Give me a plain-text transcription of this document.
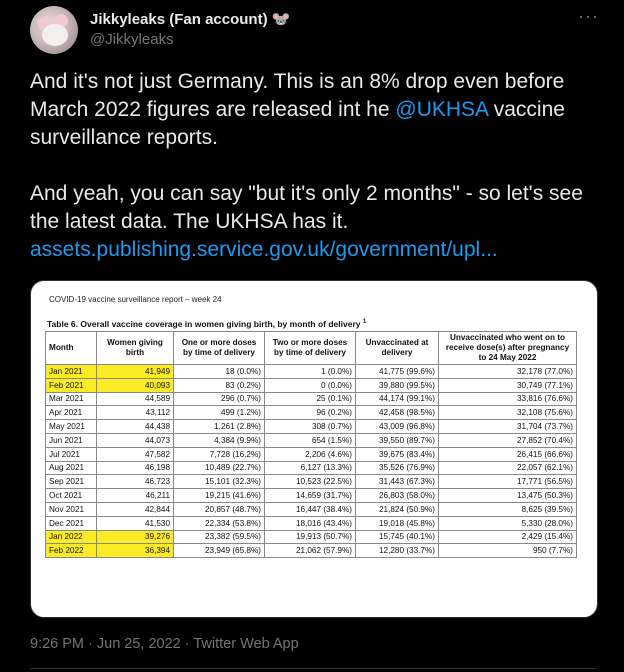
Jikkyleaks (Fan account) 🐭
@Jikkyleaks
···

And it's not just Germany. This is an 8% drop even before March 2022 figures are released int he @UKHSA vaccine surveillance reports.

And yeah, you can say "but it's only 2 months" - so let's see the latest data. The UKHSA has it.

assets.publishing.service.gov.uk/government/upl...

COVID-19 vaccine surveillance report – week 24
Table 6. Overall vaccine coverage in women giving birth, by month of delivery $^1$
Month	Women giving birth	One or more doses by time of delivery	Two or more doses by time of delivery	Unvaccinated at delivery	Unvaccinated who went on to receive dose(s) after pregnancy to 24 May 2022
Jan 2021	41,949	18 (0.0%)	1 (0.0%)	41,775 (99.6%)	32,178 (77.0%)
Feb 2021	40,093	83 (0.2%)	0 (0.0%)	39,880 (99.5%)	30,749 (77.1%)
Mar 2021	44,589	296 (0.7%)	25 (0.1%)	44,174 (99.1%)	33,816 (76.6%)
Apr 2021	43,112	499 (1.2%)	96 (0.2%)	42,458 (98.5%)	32,108 (75.6%)
May 2021	44,438	1,261 (2.8%)	308 (0.7%)	43,009 (96.8%)	31,704 (73.7%)
Jun 2021	44,073	4,384 (9.9%)	654 (1.5%)	39,550 (89.7%)	27,852 (70.4%)
Jul 2021	47,582	7,728 (16.2%)	2,206 (4.6%)	39,675 (83.4%)	26,415 (66.6%)
Aug 2021	46,198	10,489 (22.7%)	6,127 (13.3%)	35,526 (76.9%)	22,057 (62.1%)
Sep 2021	46,723	15,101 (32.3%)	10,523 (22.5%)	31,443 (67.3%)	17,771 (56.5%)
Oct 2021	46,211	19,215 (41.6%)	14,659 (31.7%)	26,803 (58.0%)	13,475 (50.3%)
Nov 2021	42,844	20,857 (48.7%)	16,447 (38.4%)	21,824 (50.9%)	8,625 (39.5%)
Dec 2021	41,530	22,334 (53.8%)	18,016 (43.4%)	19,018 (45.8%)	5,330 (28.0%)
Jan 2022	39,276	23,382 (59.5%)	19,913 (50.7%)	15,745 (40.1%)	2,429 (15.4%)
Feb 2022	36,394	23,949 (65.8%)	21,062 (57.9%)	12,280 (33.7%)	950 (7.7%)
9:26 PM · Jun 25, 2022 · Twitter Web App
